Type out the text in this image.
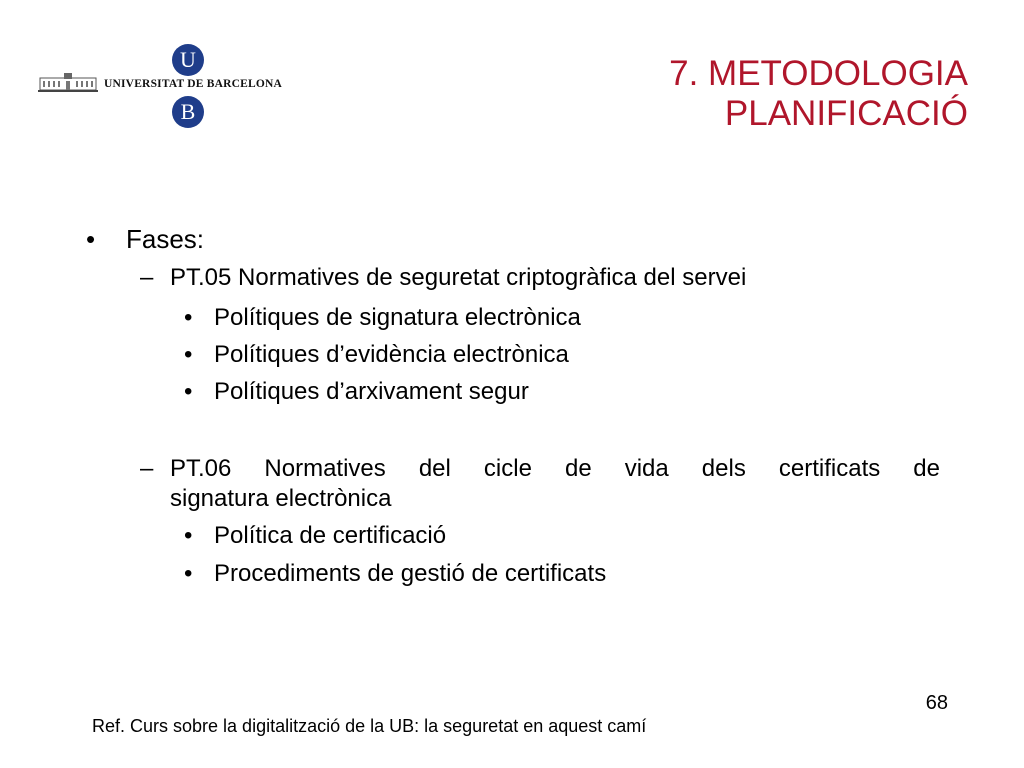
UNIVERSITAT DE BARCELONA
U
B
7. METODOLOGIA
PLANIFICACIÓ
• Fases:
– PT.05 Normatives de seguretat criptogràfica del servei
• Polítiques de signatura electrònica
• Polítiques d’evidència electrònica
• Polítiques d’arxivament segur
– PT.06 Normatives del cicle de vida dels certificats de
signatura electrònica
• Política de certificació
• Procediments de gestió de certificats
68
Ref. Curs sobre la digitalització de la UB: la seguretat en aquest camí
